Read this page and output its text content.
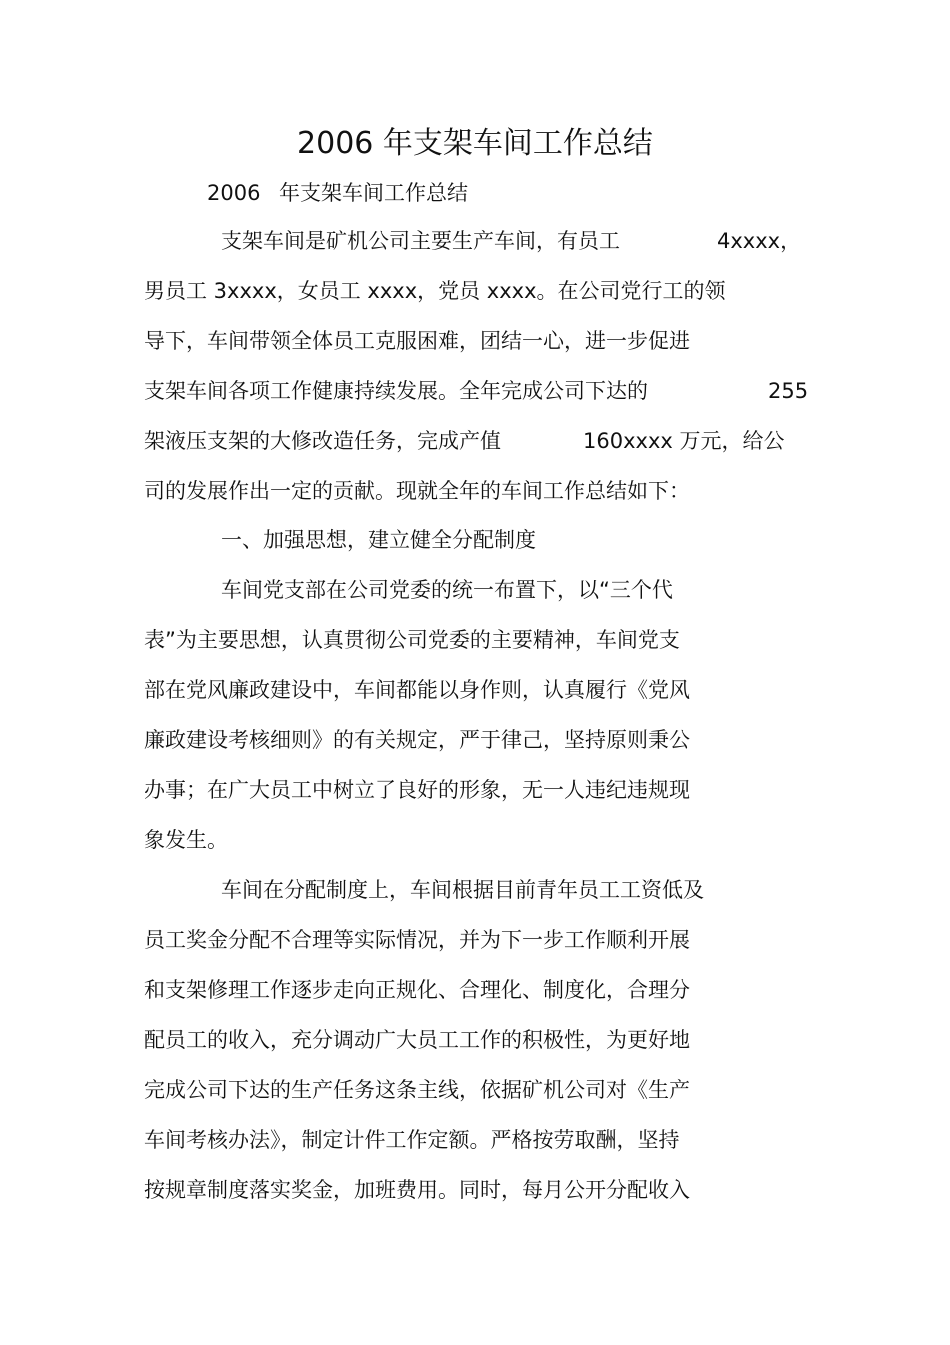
2006 年支架车间工作总结
2006 年支架车间工作总结
支架车间是矿机公司主要生产车间，有员工	4xxxx，
男员工 3xxxx，女员工 xxxx，党员 xxxx。在公司党行工的领
导下，车间带领全体员工克服困难，团结一心，进一步促进
支架车间各项工作健康持续发展。全年完成公司下达的	255
架液压支架的大修改造任务，完成产值	160xxxx 万元，给公
司的发展作出一定的贡献。现就全年的车间工作总结如下：
一、加强思想，建立健全分配制度
车间党支部在公司党委的统一布置下，以“三个代
表”为主要思想，认真贯彻公司党委的主要精神，车间党支
部在党风廉政建设中，车间都能以身作则，认真履行《党风
廉政建设考核细则》的有关规定，严于律己，坚持原则秉公
办事；在广大员工中树立了良好的形象，无一人违纪违规现
象发生。
车间在分配制度上，车间根据目前青年员工工资低及
员工奖金分配不合理等实际情况，并为下一步工作顺利开展
和支架修理工作逐步走向正规化、合理化、制度化，合理分
配员工的收入，充分调动广大员工工作的积极性，为更好地
完成公司下达的生产任务这条主线，依据矿机公司对《生产
车间考核办法》，制定计件工作定额。严格按劳取酬，坚持
按规章制度落实奖金，加班费用。同时，每月公开分配收入
